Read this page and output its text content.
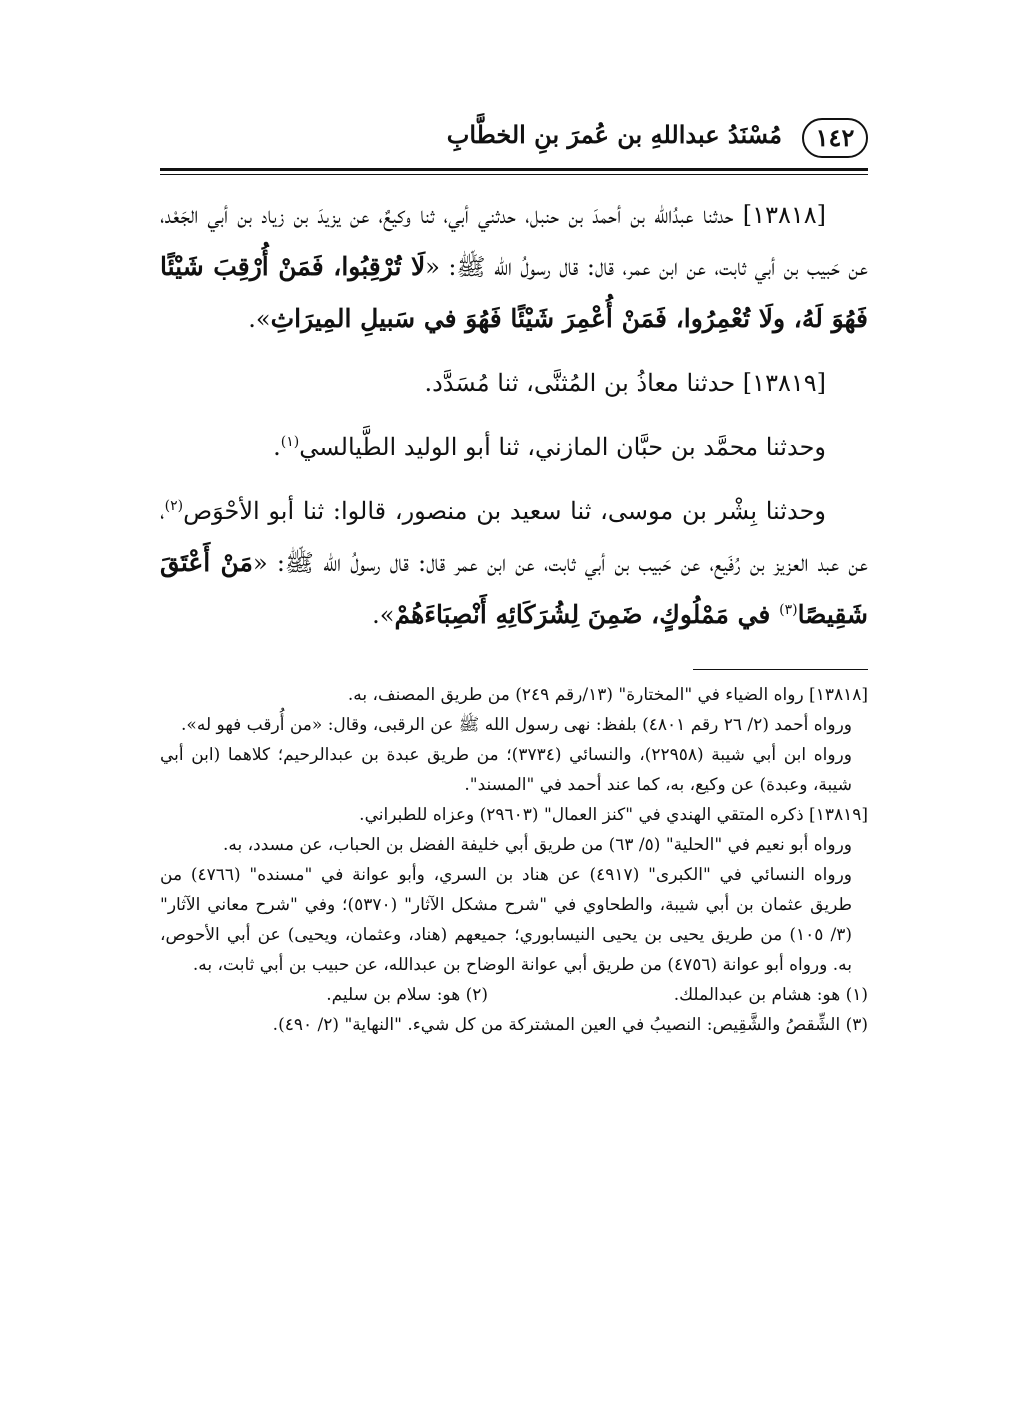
١٤٢
مُسْنَدُ عبداللهِ بن عُمرَ بنِ الخطَّابِ

[١٣٨١٨] حدثنا عبدُالله بن أحمدَ بن حنبل، حدثني أبي، ثنا وكيعٌ، عن يزيدَ بن زياد بن أبي الجَعْد، عن حَبيب بن أبي ثابت، عن ابن عمر، قال: قال رسولُ الله ﷺ: «لَا تُرْقِبُوا، فَمَنْ أُرْقِبَ شَيْئًا فَهُوَ لَهُ، ولَا تُعْمِرُوا، فَمَنْ أُعْمِرَ شَيْئًا فَهُوَ في سَبيلِ المِيرَاثِ».

[١٣٨١٩] حدثنا معاذُ بن المُثنَّى، ثنا مُسَدَّد.

وحدثنا محمَّد بن حبَّان المازني، ثنا أبو الوليد الطَّيالسي$^{(١)}$.

وحدثنا بِشْر بن موسى، ثنا سعيد بن منصور، قالوا: ثنا أبو الأحْوَص$^{(٢)}$، عن عبد العزيز بن رُفَيع، عن حَبيب بن أبي ثابت، عن ابن عمر قال: قال رسولُ الله ﷺ: «مَنْ أَعْتَقَ شَقِيصًا$^{(٣)}$ في مَمْلُوكٍ، ضَمِنَ لِشُرَكَائِهِ أَنْصِبَاءَهُمْ».

[١٣٨١٨] رواه الضياء في "المختارة" (١٣/رقم ٢٤٩) من طريق المصنف، به.

ورواه أحمد (٢/ ٢٦ رقم ٤٨٠١) بلفظ: نهى رسول الله ﷺ عن الرقبى، وقال: «من أُرقب فهو له».

ورواه ابن أبي شيبة (٢٢٩٥٨)، والنسائي (٣٧٣٤)؛ من طريق عبدة بن عبدالرحيم؛ كلاهما (ابن أبي شيبة، وعبدة) عن وكيع، به، كما عند أحمد في "المسند".

[١٣٨١٩] ذكره المتقي الهندي في "كنز العمال" (٢٩٦٠٣) وعزاه للطبراني.

ورواه أبو نعيم في "الحلية" (٥/ ٦٣) من طريق أبي خليفة الفضل بن الحباب، عن مسدد، به.

ورواه النسائي في "الكبرى" (٤٩١٧) عن هناد بن السري، وأبو عوانة في "مسنده" (٤٧٦٦) من طريق عثمان بن أبي شيبة، والطحاوي في "شرح مشكل الآثار" (٥٣٧٠)؛ وفي "شرح معاني الآثار" (٣/ ١٠٥) من طريق يحيى بن يحيى النيسابوري؛ جميعهم (هناد، وعثمان، ويحيى) عن أبي الأحوص، به. ورواه أبو عوانة (٤٧٥٦) من طريق أبي عوانة الوضاح بن عبدالله، عن حبيب بن أبي ثابت، به.

(١) هو: هشام بن عبدالملك.
(٢) هو: سلام بن سليم.

(٣) الشِّقصُ والشَّقِيص: النصيبُ في العين المشتركة من كل شيء. "النهاية" (٢/ ٤٩٠).
